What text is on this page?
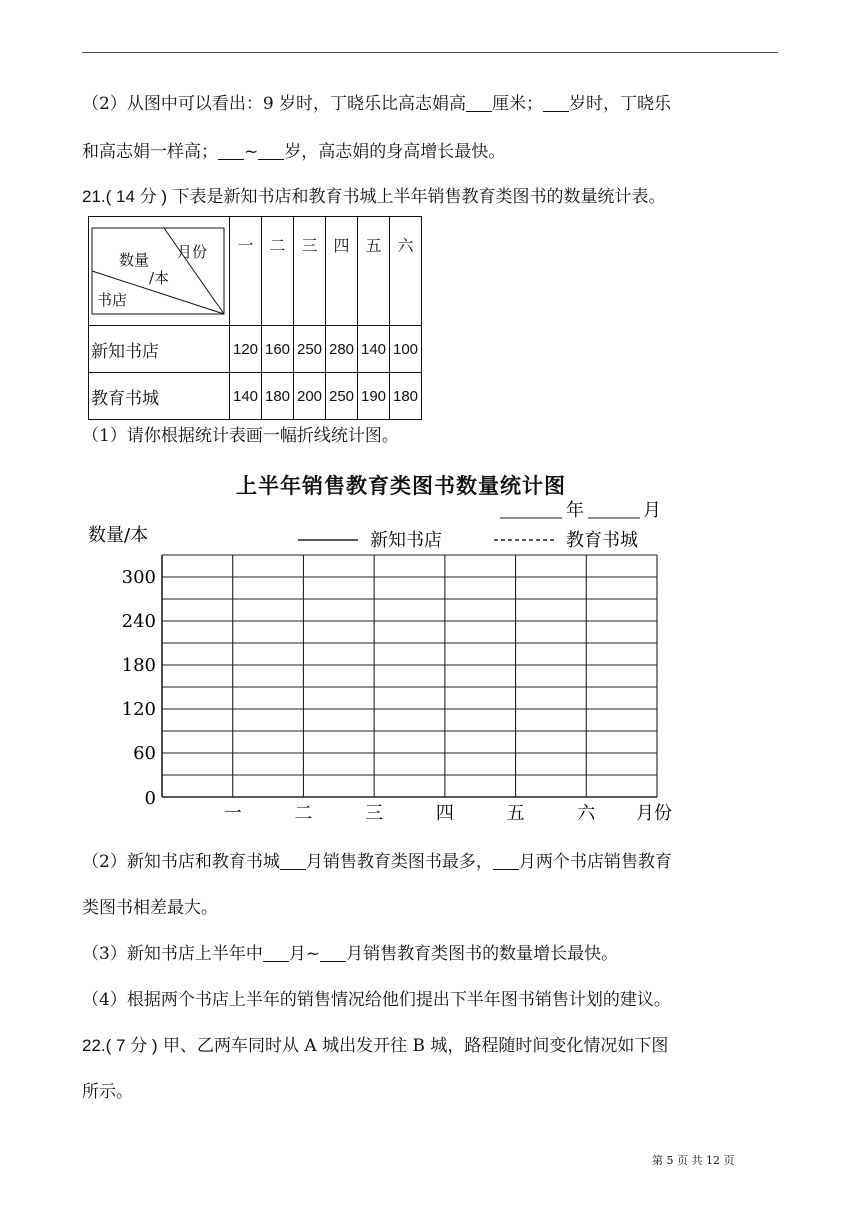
（2）从图中可以看出：9 岁时，丁晓乐比高志娟高 厘米； 岁时，丁晓乐
和高志娟一样高； ~ 岁，高志娟的身高增长最快。
21.( 14 分 ) 下表是新知书店和教育书城上半年销售教育类图书的数量统计表。
数量
/本
月份
书店	一	二	三	四	五	六
新知书店	120	160	250	280	140	100
教育书城	140	180	200	250	190	180
（1）请你根据统计表画一幅折线统计图。
上半年销售教育类图书数量统计图
年	月
数量/本	新知书店	教育书城
300
240
180
120
60
0
一	二	三	四	五	六 月份
（2）新知书店和教育书城 月销售教育类图书最多， 月两个书店销售教育
类图书相差最大。
（3）新知书店上半年中 月~ 月销售教育类图书的数量增长最快。
（4）根据两个书店上半年的销售情况给他们提出下半年图书销售计划的建议。
22.( 7 分 ) 甲、乙两车同时从 A 城出发开往 B 城，路程随时间变化情况如下图
所示。
第 5 页 共 12 页
